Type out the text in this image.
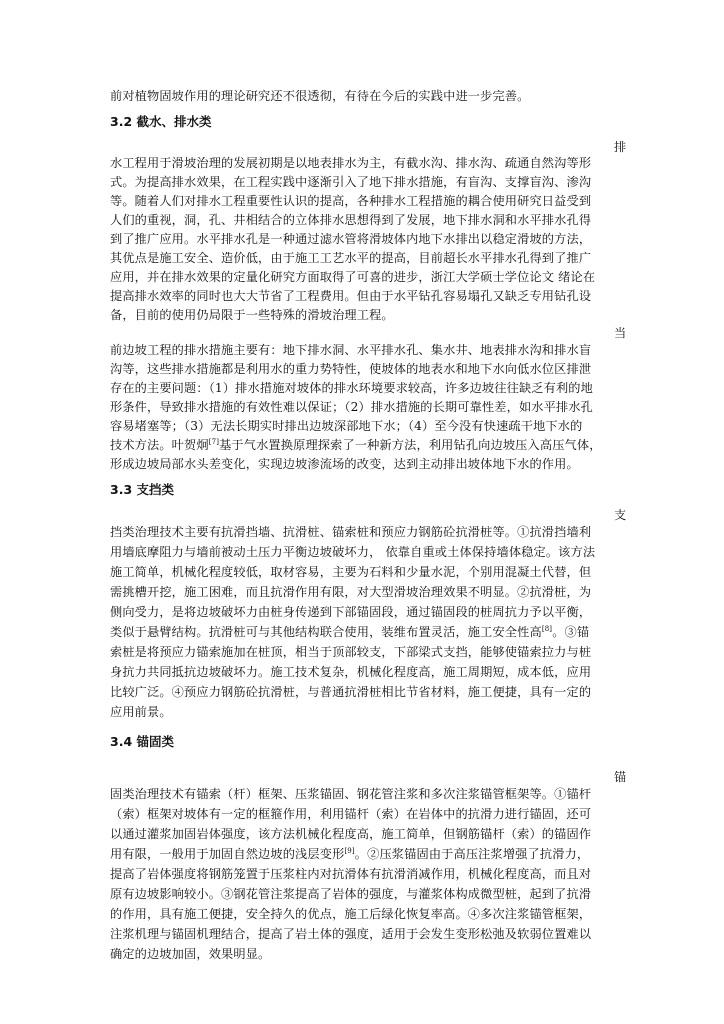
前对植物固坡作用的理论研究还不很透彻，有待在今后的实践中进一步完善。
3.2 截水、排水类
排
水工程用于滑坡治理的发展初期是以地表排水为主，有截水沟、排水沟、疏通自然沟等形
式。为提高排水效果，在工程实践中逐渐引入了地下排水措施，有盲沟、支撑盲沟、渗沟
等。随着人们对排水工程重要性认识的提高，各种排水工程措施的耦合使用研究日益受到
人们的重视，洞，孔、井相结合的立体排水思想得到了发展，地下排水洞和水平排水孔得
到了推广应用。水平排水孔是一种通过滤水管将滑坡体内地下水排出以稳定滑坡的方法，
其优点是施工安全、造价低，由于施工工艺水平的提高，目前超长水平排水孔得到了推广
应用，并在排水效果的定量化研究方面取得了可喜的进步，浙江大学硕士学位论文 绪论在
提高排水效率的同时也大大节省了工程费用。但由于水平钻孔容易塌孔又缺乏专用钻孔设
备，目前的使用仍局限于一些特殊的滑坡治理工程。
当
前边坡工程的排水措施主要有：地下排水洞、水平排水孔、集水井、地表排水沟和排水盲
沟等，这些排水措施都是利用水的重力势特性，使坡体的地表水和地下水向低水位区排泄
存在的主要问题：（1）排水措施对坡体的排水环境要求较高，许多边坡往往缺乏有利的地
形条件，导致排水措施的有效性难以保证；（2）排水措施的长期可靠性差，如水平排水孔
容易堵塞等；（3）无法长期实时排出边坡深部地下水；（4）至今没有快速疏干地下水的
技术方法。叶贺炯[7]基于气水置换原理探索了一种新方法，利用钻孔向边坡压入高压气体，
形成边坡局部水头差变化，实现边坡渗流场的改变，达到主动排出坡体地下水的作用。
3.3 支挡类
支
挡类治理技术主要有抗滑挡墙、抗滑桩、锚索桩和预应力钢筋砼抗滑桩等。①抗滑挡墙利
用墙底摩阻力与墙前被动土压力平衡边坡破坏力， 依靠自重或土体保持墙体稳定。该方法
施工简单，机械化程度较低，取材容易，主要为石料和少量水泥，个别用混凝土代替，但
需挑槽开挖，施工困难，而且抗滑作用有限，对大型滑坡治理效果不明显。②抗滑桩，为
侧向受力，是将边坡破坏力由桩身传递到下部锚固段，通过锚固段的桩周抗力予以平衡，
类似于悬臂结构。抗滑桩可与其他结构联合使用，装维布置灵活，施工安全性高[8]。③锚
索桩是将预应力锚索施加在桩顶，相当于顶部较支，下部梁式支挡，能够使锚索拉力与桩
身抗力共同抵抗边坡破坏力。施工技术复杂，机械化程度高，施工周期短，成本低，应用
比较广泛。④预应力钢筋砼抗滑桩，与普通抗滑桩相比节省材料，施工便捷，具有一定的
应用前景。
3.4 锚固类
锚
固类治理技术有锚索（杆）框架、压浆锚固、钢花管注浆和多次注浆锚管框架等。①锚杆
（索）框架对坡体有一定的框箍作用，利用锚杆（索）在岩体中的抗滑力进行锚固，还可
以通过灌浆加固岩体强度，该方法机械化程度高，施工简单，但钢筋锚杆（索）的锚固作
用有限，一般用于加固自然边坡的浅层变形[9]。②压浆锚固由于高压注浆增强了抗滑力，
提高了岩体强度将钢筋笼置于压浆柱内对抗滑体有抗滑消减作用，机械化程度高，而且对
原有边坡影响较小。③钢花管注浆提高了岩体的强度，与灌浆体构成微型桩，起到了抗滑
的作用，具有施工便捷，安全持久的优点，施工后绿化恢复率高。④多次注浆锚管框架，
注浆机理与锚固机理结合，提高了岩土体的强度，适用于会发生变形松弛及软弱位置难以
确定的边坡加固，效果明显。
